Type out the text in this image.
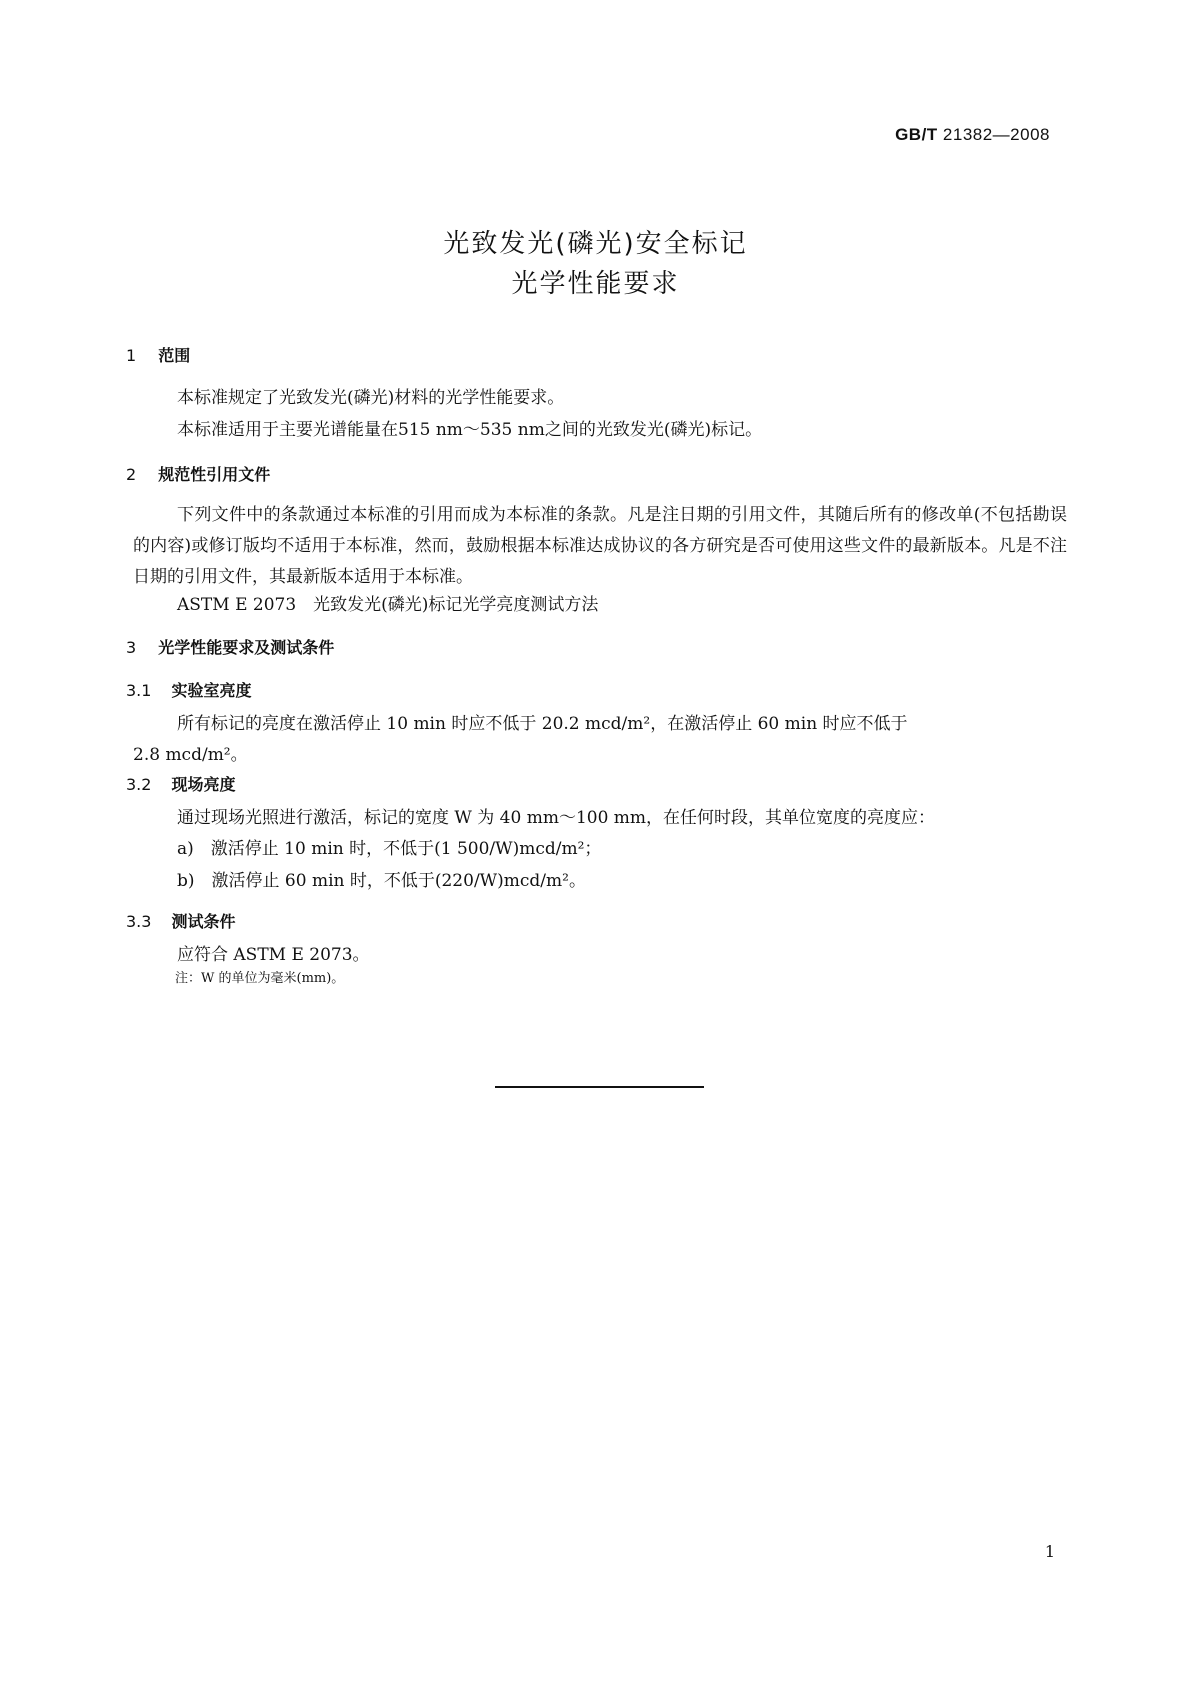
GB/T 21382—2008
光致发光(磷光)安全标记
光学性能要求
1 范围
本标准规定了光致发光(磷光)材料的光学性能要求。
本标准适用于主要光谱能量在515 nm～535 nm之间的光致发光(磷光)标记。
2 规范性引用文件
下列文件中的条款通过本标准的引用而成为本标准的条款。凡是注日期的引用文件，其随后所有的修改单(不包括勘误的内容)或修订版均不适用于本标准，然而，鼓励根据本标准达成协议的各方研究是否可使用这些文件的最新版本。凡是不注日期的引用文件，其最新版本适用于本标准。
ASTM E 2073　光致发光(磷光)标记光学亮度测试方法
3 光学性能要求及测试条件
3.1 实验室亮度
所有标记的亮度在激活停止 10 min 时应不低于 20.2 mcd/m²，在激活停止 60 min 时应不低于
2.8 mcd/m²。
3.2 现场亮度
通过现场光照进行激活，标记的宽度 W 为 40 mm～100 mm，在任何时段，其单位宽度的亮度应：
a)　激活停止 10 min 时，不低于(1 500/W)mcd/m²；
b)　激活停止 60 min 时，不低于(220/W)mcd/m²。
注：W 的单位为毫米(mm)。
3.3 测试条件
应符合 ASTM E 2073。
1
